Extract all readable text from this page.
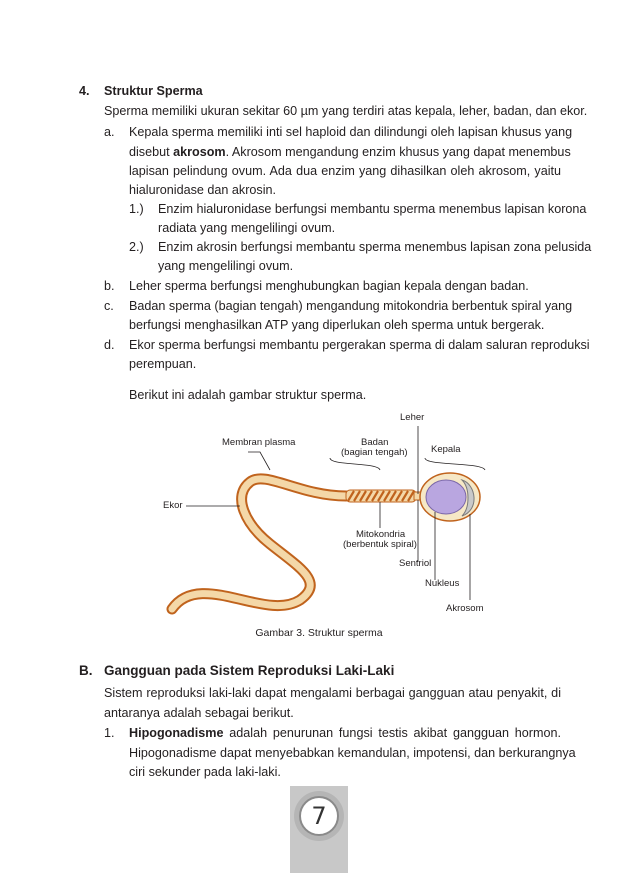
4. Struktur Sperma
Sperma memiliki ukuran sekitar 60 µm yang terdiri atas kepala, leher, badan, dan ekor.
a. Kepala sperma memiliki inti sel haploid dan dilindungi oleh lapisan khusus yang
disebut akrosom. Akrosom mengandung enzim khusus yang dapat menembus
lapisan pelindung ovum. Ada dua enzim yang dihasilkan oleh akrosom, yaitu
hialuronidase dan akrosin.
1.) Enzim hialuronidase berfungsi membantu sperma menembus lapisan korona
radiata yang mengelilingi ovum.
2.) Enzim akrosin berfungsi membantu sperma menembus lapisan zona pelusida
yang mengelilingi ovum.
b. Leher sperma berfungsi menghubungkan bagian kepala dengan badan.
c. Badan sperma (bagian tengah) mengandung mitokondria berbentuk spiral yang
berfungsi menghasilkan ATP yang diperlukan oleh sperma untuk bergerak.
d. Ekor sperma berfungsi membantu pergerakan sperma di dalam saluran reproduksi
perempuan.
Berikut ini adalah gambar struktur sperma.
Leher
Membran plasma	Badan
(bagian tengah) Kepala
Ekor
Mitokondria
(berbentuk spiral)
Sentriol
Nukleus
Akrosom
Gambar 3. Struktur sperma
B. Gangguan pada Sistem Reproduksi Laki-Laki
Sistem reproduksi laki-laki dapat mengalami berbagai gangguan atau penyakit, di
antaranya adalah sebagai berikut.
1. Hipogonadisme adalah penurunan fungsi testis akibat gangguan hormon.
Hipogonadisme dapat menyebabkan kemandulan, impotensi, dan berkurangnya
ciri sekunder pada laki-laki.
7
